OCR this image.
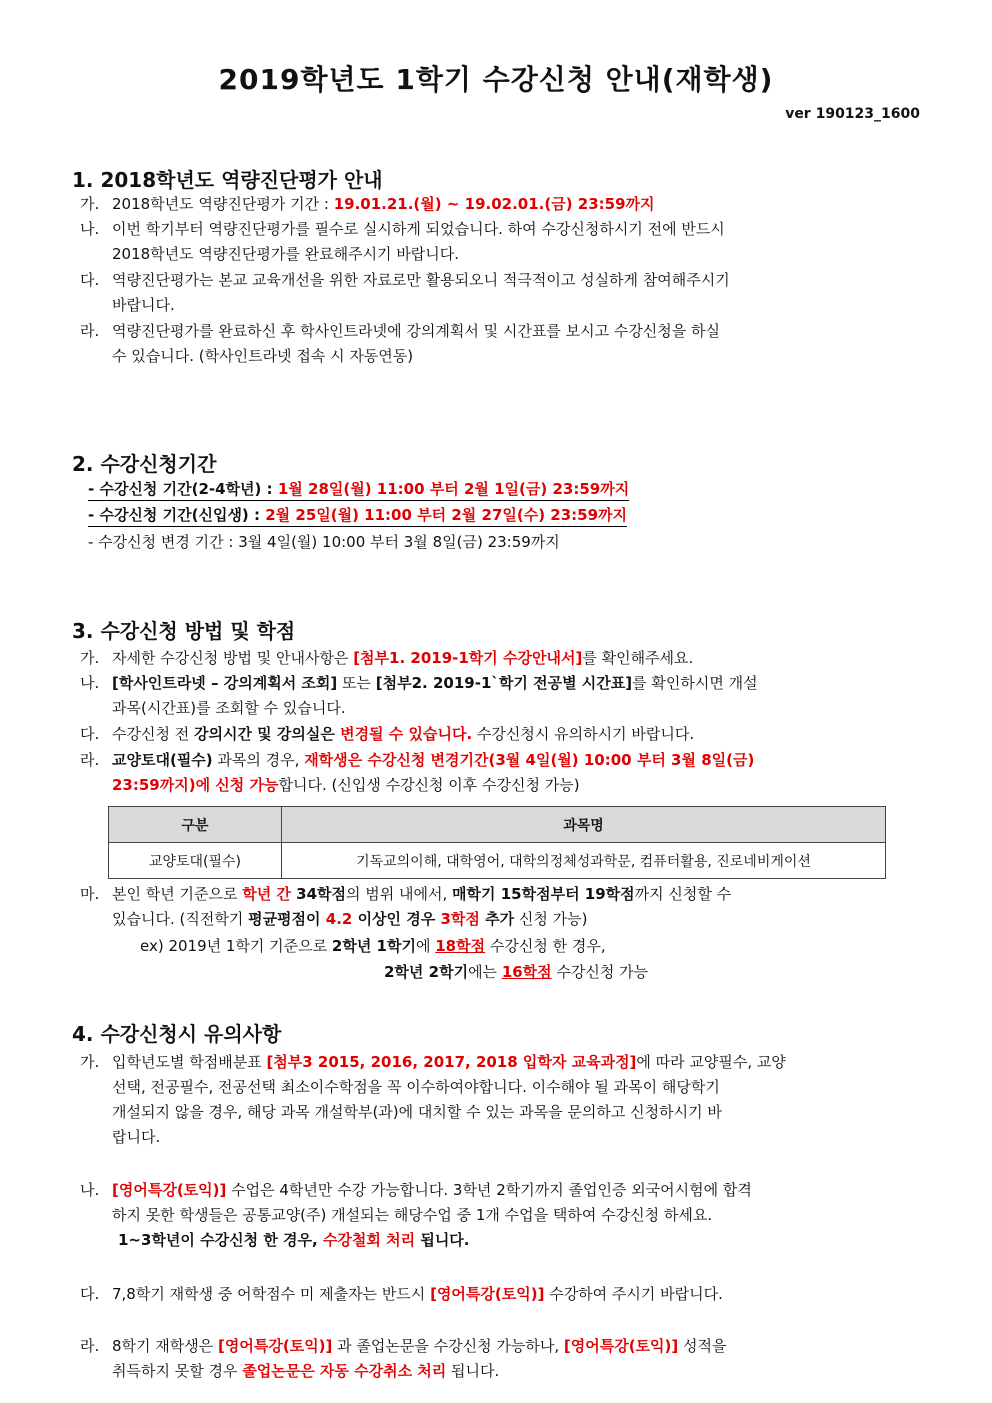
2019학년도 1학기 수강신청 안내(재학생)
ver 190123_1600
1. 2018학년도 역량진단평가 안내
가. 2018학년도 역량진단평가 기간 : 19.01.21.(월) ~ 19.02.01.(금) 23:59까지
나. 이번 학기부터 역량진단평가를 필수로 실시하게 되었습니다. 하여 수강신청하시기 전에 반드시
2018학년도 역량진단평가를 완료해주시기 바랍니다.
다. 역량진단평가는 본교 교육개선을 위한 자료로만 활용되오니 적극적이고 성실하게 참여해주시기
바랍니다.
라. 역량진단평가를 완료하신 후 학사인트라넷에 강의계획서 및 시간표를 보시고 수강신청을 하실
수 있습니다. (학사인트라넷 접속 시 자동연동)
2. 수강신청기간
- 수강신청 기간(2-4학년) : 1월 28일(월) 11:00 부터 2월 1일(금) 23:59까지
- 수강신청 기간(신입생) : 2월 25일(월) 11:00 부터 2월 27일(수) 23:59까지
- 수강신청 변경 기간 : 3월 4일(월) 10:00 부터 3월 8일(금) 23:59까지
3. 수강신청 방법 및 학점
가. 자세한 수강신청 방법 및 안내사항은 [첨부1. 2019-1학기 수강안내서]를 확인해주세요.
나. [학사인트라넷 – 강의계획서 조회] 또는 [첨부2. 2019-1`학기 전공별 시간표]를 확인하시면 개설
과목(시간표)를 조회할 수 있습니다.
다. 수강신청 전 강의시간 및 강의실은 변경될 수 있습니다. 수강신청시 유의하시기 바랍니다.
라. 교양토대(필수) 과목의 경우, 재학생은 수강신청 변경기간(3월 4일(월) 10:00 부터 3월 8일(금)
23:59까지)에 신청 가능합니다. (신입생 수강신청 이후 수강신청 가능)
구분	과목명
교양토대(필수)	기독교의이해, 대학영어, 대학의정체성과학문, 컴퓨터활용, 진로네비게이션
마. 본인 학년 기준으로 학년 간 34학점의 범위 내에서, 매학기 15학점부터 19학점까지 신청할 수
있습니다. (직전학기 평균평점이 4.2 이상인 경우 3학점 추가 신청 가능)
ex) 2019년 1학기 기준으로 2학년 1학기에 18학점 수강신청 한 경우,
2학년 2학기에는 16학점 수강신청 가능
4. 수강신청시 유의사항
가. 입학년도별 학점배분표 [첨부3 2015, 2016, 2017, 2018 입학자 교육과정]에 따라 교양필수, 교양
선택, 전공필수, 전공선택 최소이수학점을 꼭 이수하여야합니다. 이수해야 될 과목이 해당학기
개설되지 않을 경우, 해당 과목 개설학부(과)에 대치할 수 있는 과목을 문의하고 신청하시기 바
랍니다.
나. [영어특강(토익)] 수업은 4학년만 수강 가능합니다. 3학년 2학기까지 졸업인증 외국어시험에 합격
하지 못한 학생들은 공통교양(주) 개설되는 해당수업 중 1개 수업을 택하여 수강신청 하세요.
1~3학년이 수강신청 한 경우, 수강철회 처리 됩니다.
다. 7,8학기 재학생 중 어학점수 미 제출자는 반드시 [영어특강(토익)] 수강하여 주시기 바랍니다.
라. 8학기 재학생은 [영어특강(토익)] 과 졸업논문을 수강신청 가능하나, [영어특강(토익)] 성적을
취득하지 못할 경우 졸업논문은 자동 수강취소 처리 됩니다.
